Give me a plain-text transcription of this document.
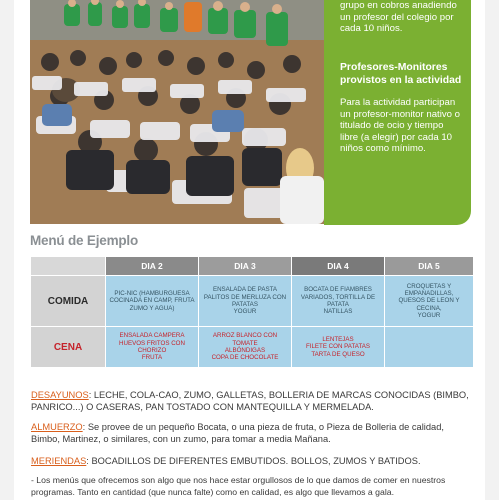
grupo en cobros anadiendo un profesor del colegio por cada 10 niños.
Profesores-Monitores provistos en la actividad
Para la actividad participan un profesor-monitor nativo o titulado de ocio y tiempo libre (a elegir) por cada 10 niños como mínimo.
Menú de Ejemplo
	DIA 2	DIA 3	DIA 4	DIA 5
COMIDA	PIC-NIC (HAMBURGUESA
COCINADA EN CAMP, FRUTA
ZUMO Y AGUA)	ENSALADA DE PASTA
PALITOS DE MERLUZA CON
PATATAS
YOGUR	BOCATA DE FIAMBRES
VARIADOS, TORTILLA DE
PATATA
NATILLAS	CROQUETAS Y
EMPANADILLAS,
QUESOS DE LEON Y
CECINA,
YOGUR

CENA	ENSALADA CAMPERA
HUEVOS FRITOS CON
CHORIZO
FRUTA	ARROZ BLANCO CON
TOMATE
ALBÓNDIGAS
COPA DE CHOCOLATE	LENTEJAS
FILETE CON PATATAS
TARTA DE QUESO	

DESAYUNOS: LECHE, COLA-CAO, ZUMO, GALLETAS, BOLLERIA DE MARCAS CONOCIDAS (BIMBO, PANRICO...) O CASERAS, PAN TOSTADO CON MANTEQUILLA Y MERMELADA.
ALMUERZO: Se provee de un pequeño Bocata, o una pieza de fruta, o Pieza de Bolleria de calidad, Bimbo, Martinez, o similares, con un zumo, para tomar a media Mañana.
MERIENDAS: BOCADILLOS DE DIFERENTES EMBUTIDOS. BOLLOS, ZUMOS Y BATIDOS.
- Los menús que ofrecemos son algo que nos hace estar orgullosos de lo que damos de comer en nuestros programas. Tanto en cantidad (que nunca falte) como en calidad, es algo que llevamos a gala.
